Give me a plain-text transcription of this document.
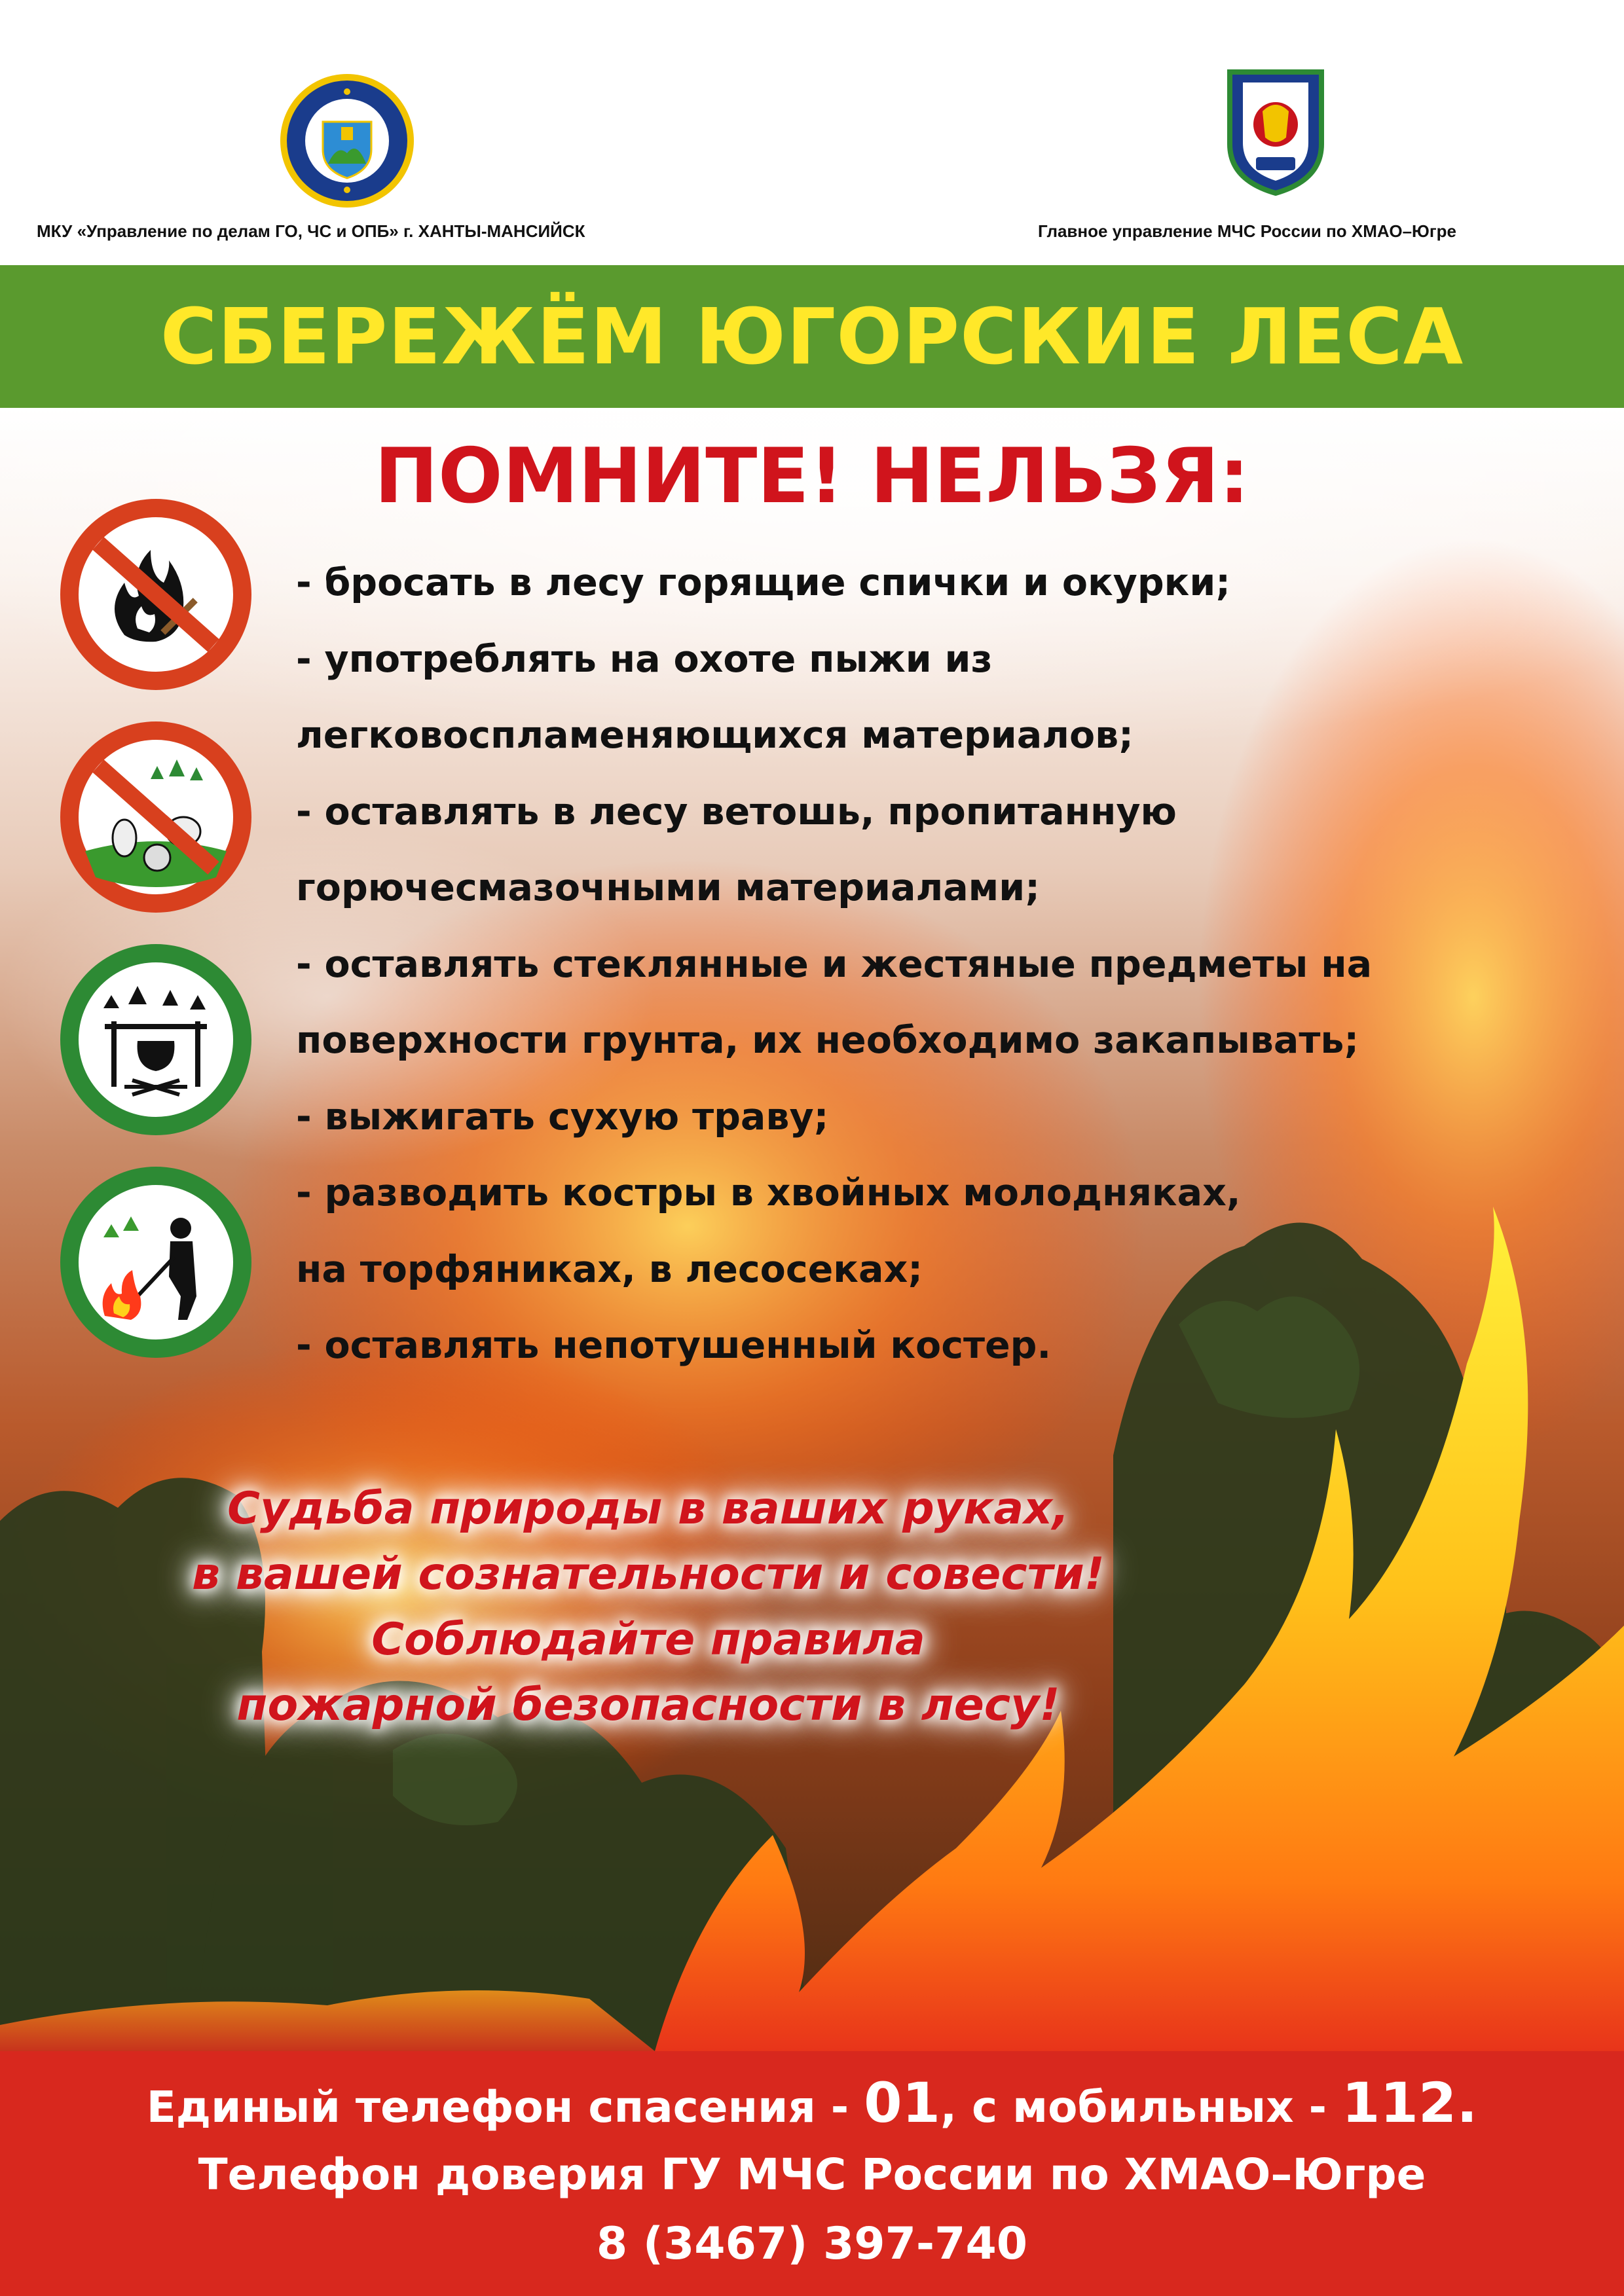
МКУ «Управление по делам ГО, ЧС и ОПБ» г. ХАНТЫ-МАНСИЙСК	Главное управление МЧС России по ХМАО–Югре
СБЕРЕЖЁМ ЮГОРСКИЕ ЛЕСА
ПОМНИТЕ! НЕЛЬЗЯ:
- бросать в лесу горящие спички и окурки;
- употреблять на охоте пыжи из
легковоспламеняющихся материалов;
- оставлять в лесу ветошь, пропитанную
горючесмазочными материалами;
- оставлять стеклянные и жестяные предметы на
поверхности грунта, их необходимо закапывать;
- выжигать сухую траву;
- разводить костры в хвойных молодняках,
на торфяниках, в лесосеках;
- оставлять непотушенный костер.
Судьба природы в ваших руках,
в вашей сознательности и совести!
Соблюдайте правила
пожарной безопасности в лесу!
Единый телефон спасения - 01, с мобильных - 112.
Телефон доверия ГУ МЧС России по ХМАО–Югре
8 (3467) 397-740
